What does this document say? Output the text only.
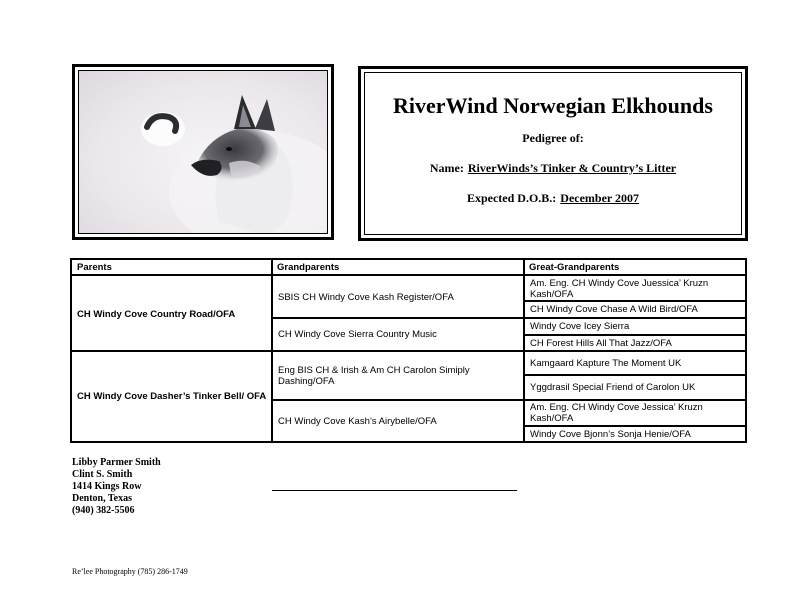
RiverWind Norwegian Elkhounds
Pedigree of:
Name: RiverWinds’s Tinker & Country’s Litter
Expected D.O.B.: December 2007
Parents	Grandparents	Great-Grandparents
CH Windy Cove Country Road/OFA
CH Windy Cove Dasher’s Tinker Bell/ OFA
SBIS CH Windy Cove Kash Register/OFA
CH Windy Cove Sierra Country Music
Eng BIS CH & Irish & Am CH Carolon Simiply Dashing/OFA
CH Windy Cove Kash’s Airybelle/OFA
Am. Eng. CH Windy Cove Juessica’ Kruzn Kash/OFA
CH Windy Cove Chase A Wild Bird/OFA
Windy Cove Icey Sierra
CH Forest Hills All That Jazz/OFA
Kamgaard Kapture The Moment UK
Yggdrasil Special Friend of Carolon UK
Am. Eng. CH Windy Cove Jessica’ Kruzn Kash/OFA
Windy Cove Bjonn’s Sonja Henie/OFA
Libby Parmer Smith
Clint S. Smith
1414 Kings Row
Denton, Texas
(940) 382-5506
Re’lee Photography (785) 286-1749
